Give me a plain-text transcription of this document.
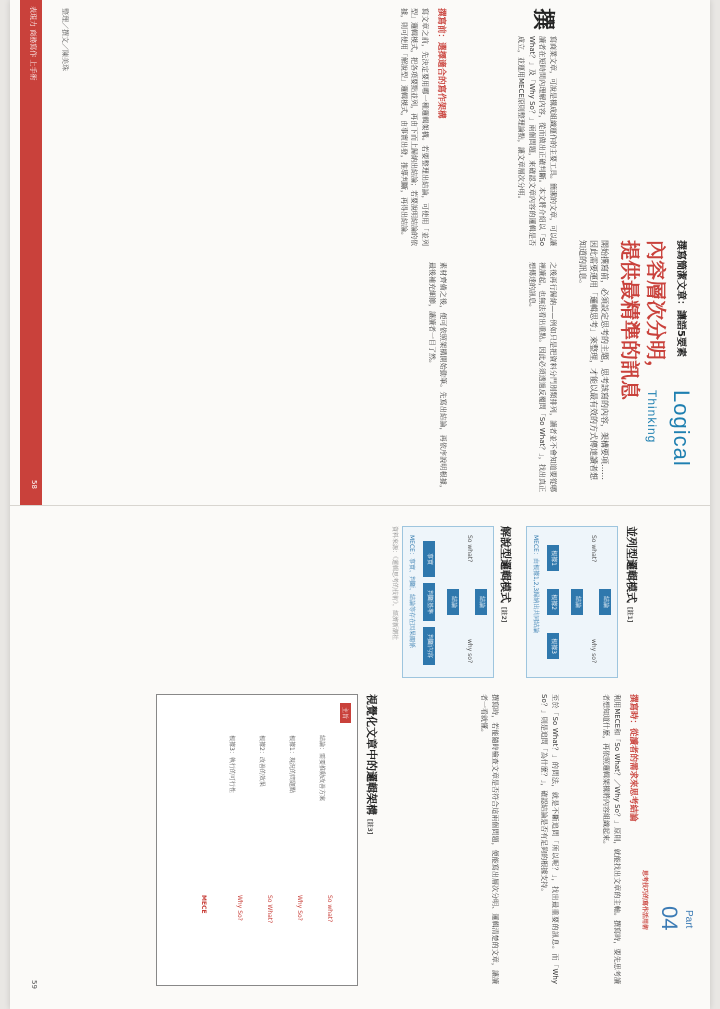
表現力 商務寫作 上手術
58
Logical
Thinking
撰寫簡潔文章：讓語5要素
內容層次分明，
提供最精準的訊息
開始撰寫前，必須設定思考的主題，思考該寫的內容，架構要項……因此需要運用「邏輯思考」來整理，才能以最有效的方式傳達讀者想知道的訊息。
撰
寫商業文章，可說是構成組織運作的主要工具。簡潔的文章，可以讓讀者在短時間內理解內容，從而做出正確判斷。本文將介紹以「So What？」及「Why So？」兩個問題，來確認文章內容的邏輯是否成立，並運用MECE原則整理論點，讓文章層次分明。
撰寫前：選擇適合的寫作架構
寫文章之前，先決定要用哪一種邏輯架構。若要整理出結論，可使用「並列型」邏輯模式，把各項要點並列，再由下而上歸納出結論；若要說明結論的依據，則可使用「解說型」邏輯模式，由事實出發，推導判斷，再得出結論。
之後再行歸納——例如只是把資料分門別類排列，讀者並不會知道要從哪裡讀起，也無法看出重點。因此必須透過反覆問「So What？」，找出真正想傳達的訊息。
素材齊備之後，便可依照架構開始動筆。先寫出結論，再依序說明根據，最後補充細節，讓讀者一目了然。
整理／撰文／陳美珠
Part
04
思考技巧的寫作活用術
並列型邏輯模式 [註1]
結論
So what?
why so?
結論
根據1
根據2
根據3
MECE：由根據1,2,3歸納出共同結論
解說型邏輯模式 [註2]
結論
So what?
why so?
結論
事實
判斷基準
判斷內容
MECE：事實、判斷、結論等存在因果關係
資料來源：《邏輯思考的技術》，經濟新潮社
撰寫時：從讀者的需求來思考結論
利用MECE和「So What？／Why So？」原則，就能找出文章的主軸。撰寫時，要先思考讀者想知道什麼，再依照邏輯架構將內容組織起來。
至於「So What？」的問法，就是不斷追問「所以呢？」，找出最重要的訊息。而「Why So？」則是追問「為什麼？」，確認結論是否有足夠的根據支持。
撰寫時，若能隨時檢查文章是否符合這兩個問題，便能寫出層次分明、邏輯清楚的文章，讓讀者一看就懂。
視覺化文章中的邏輯架構 [註3]
主旨
結論：需要推動改善方案
根據1：現況的問題點
根據2：改善的效果
根據3：執行的可行性
So what?
Why So?
So What?
Why So?
MECE
59
